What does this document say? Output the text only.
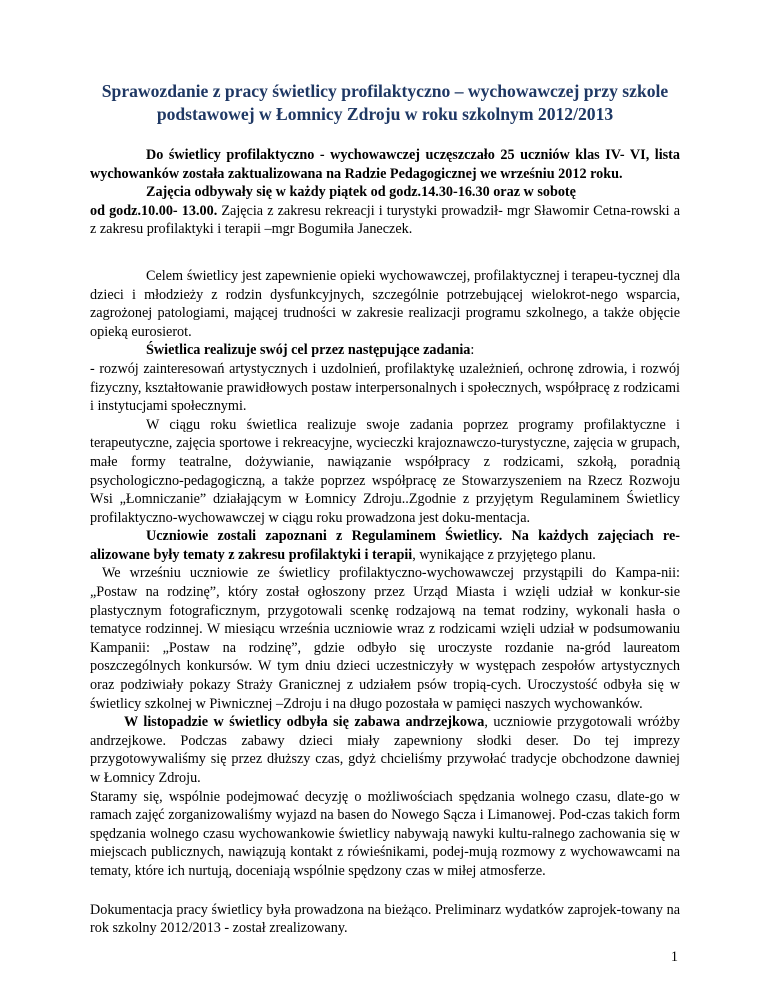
Sprawozdanie z pracy świetlicy profilaktyczno – wychowawczej przy szkole
podstawowej w Łomnicy Zdroju w roku szkolnym 2012/2013

Do świetlicy profilaktyczno - wychowawczej uczęszczało 25 uczniów klas IV- VI, lista wychowanków została zaktualizowana na Radzie Pedagogicznej we wrześniu 2012 roku.

Zajęcia odbywały się w każdy piątek od godz.14.30-16.30 oraz w sobotę

od godz.10.00- 13.00. Zajęcia z zakresu rekreacji i turystyki prowadził- mgr Sławomir Cetna-rowski a z zakresu profilaktyki i terapii –mgr Bogumiła Janeczek.

Celem świetlicy jest zapewnienie opieki wychowawczej, profilaktycznej i terapeu-tycznej dla dzieci i młodzieży z rodzin dysfunkcyjnych, szczególnie potrzebującej wielokrot-nego wsparcia, zagrożonej patologiami, mającej trudności w zakresie realizacji programu szkolnego, a także objęcie opieką eurosierot.

Świetlica realizuje swój cel przez następujące zadania:

- rozwój zainteresowań artystycznych i uzdolnień, profilaktykę uzależnień, ochronę zdrowia, i rozwój fizyczny, kształtowanie prawidłowych postaw interpersonalnych i społecznych, współpracę z rodzicami i instytucjami społecznymi.

W ciągu roku świetlica realizuje swoje zadania poprzez programy profilaktyczne i terapeutyczne, zajęcia sportowe i rekreacyjne, wycieczki krajoznawczo-turystyczne, zajęcia w grupach, małe formy teatralne, dożywianie, nawiązanie współpracy z rodzicami, szkołą, poradnią psychologiczno-pedagogiczną, a także poprzez współpracę ze Stowarzyszeniem na Rzecz Rozwoju Wsi „Łomniczanie” działającym w Łomnicy Zdroju..Zgodnie z przyjętym Regulaminem Świetlicy profilaktyczno-wychowawczej w ciągu roku prowadzona jest doku-mentacja.

Uczniowie zostali zapoznani z Regulaminem Świetlicy. Na każdych zajęciach re-alizowane były tematy z zakresu profilaktyki i terapii, wynikające z przyjętego planu.

We wrześniu uczniowie ze świetlicy profilaktyczno-wychowawczej przystąpili do Kampa-nii: „Postaw na rodzinę”, który został ogłoszony przez Urząd Miasta i wzięli udział w konkur-sie plastycznym fotograficznym, przygotowali scenkę rodzajową na temat rodziny, wykonali hasła o tematyce rodzinnej. W miesiącu września uczniowie wraz z rodzicami wzięli udział w podsumowaniu Kampanii: „Postaw na rodzinę”, gdzie odbyło się uroczyste rozdanie na-gród laureatom poszczególnych konkursów. W tym dniu dzieci uczestniczyły w występach zespołów artystycznych oraz podziwiały pokazy Straży Granicznej z udziałem psów tropią-cych. Uroczystość odbyła się w świetlicy szkolnej w Piwnicznej –Zdroju i na długo pozostała w pamięci naszych wychowanków.

W listopadzie w świetlicy odbyła się zabawa andrzejkowa, uczniowie przygotowali wróżby andrzejkowe. Podczas zabawy dzieci miały zapewniony słodki deser. Do tej imprezy przygotowywaliśmy się przez dłuższy czas, gdyż chcieliśmy przywołać tradycje obchodzone dawniej w Łomnicy Zdroju.

Staramy się, wspólnie podejmować decyzję o możliwościach spędzania wolnego czasu, dlate-go w ramach zajęć zorganizowaliśmy wyjazd na basen do Nowego Sącza i Limanowej. Pod-czas takich form spędzania wolnego czasu wychowankowie świetlicy nabywają nawyki kultu-ralnego zachowania się w miejscach publicznych, nawiązują kontakt z rówieśnikami, podej-mują rozmowy z wychowawcami na tematy, które ich nurtują, doceniają wspólnie spędzony czas w miłej atmosferze.

Dokumentacja pracy świetlicy była prowadzona na bieżąco. Preliminarz wydatków zaprojek-towany na rok szkolny 2012/2013 - został zrealizowany.

1
